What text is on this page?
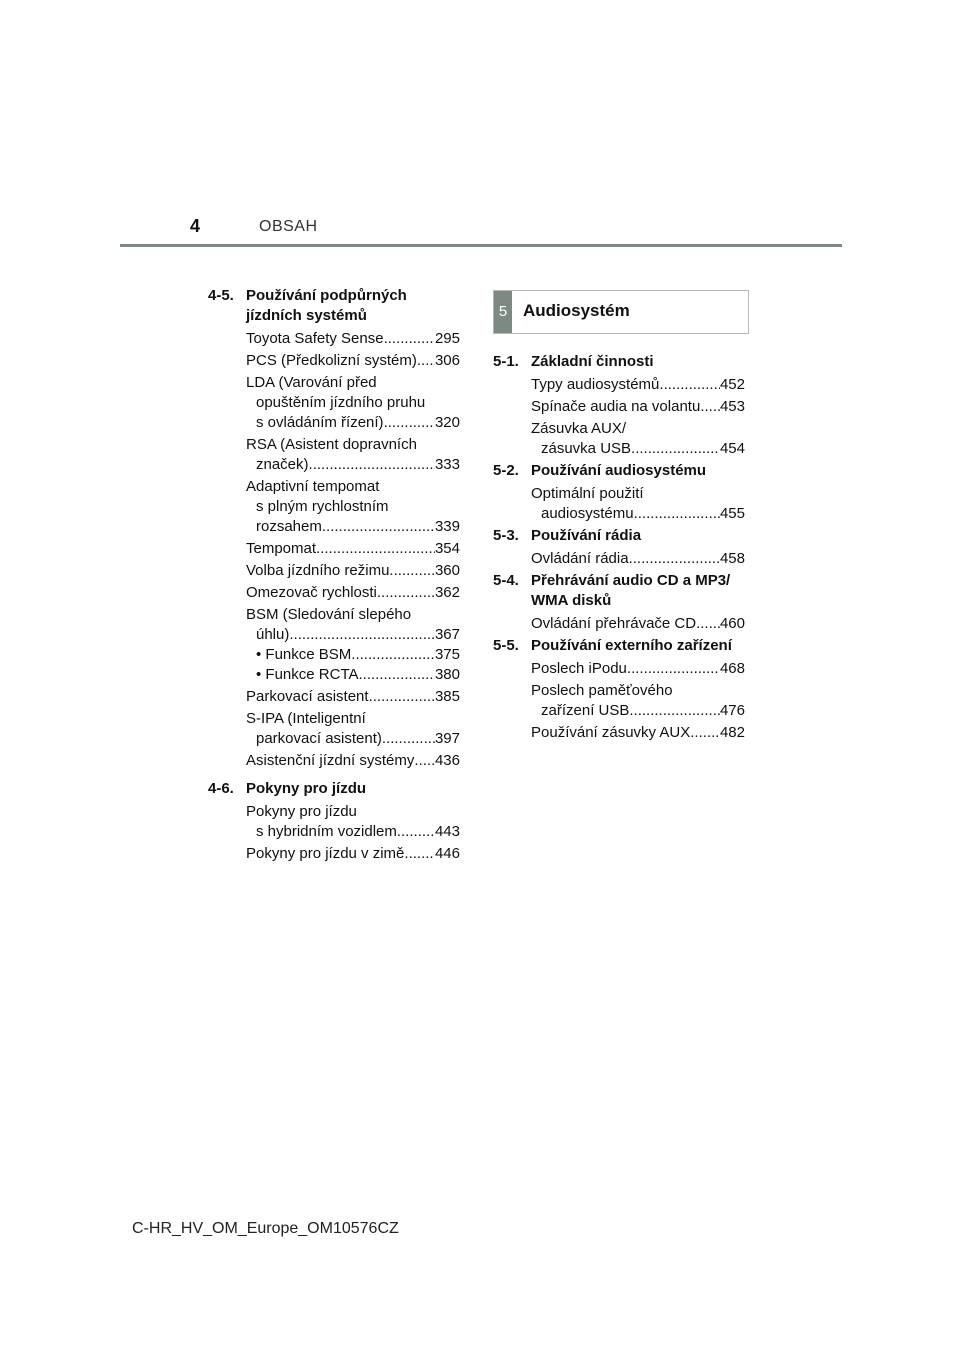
4	OBSAH
4-5. Používání podpůrných
jízdních systémů
Toyota Safety Sense .....	295
PCS (Předkolizní systém) ..... 306
LDA (Varování před
opuštěním jízdního pruhu
s ovládáním řízení) .....	320
RSA (Asistent dopravních
značek) .....	333
Adaptivní tempomat
s plným rychlostním
rozsahem .....	339
Tempomat .....	354
Volba jízdního režimu .....	360
Omezovač rychlosti .....	362
BSM (Sledování slepého
úhlu) .....	367
• Funkce BSM .....	375
• Funkce RCTA .....	380
Parkovací asistent .....	385
S-IPA (Inteligentní
parkovací asistent) .....	397
Asistenční jízdní systémy ..... 436
4-6. Pokyny pro jízdu
Pokyny pro jízdu
s hybridním vozidlem .....	443
Pokyny pro jízdu v zimě ..... 446
5 Audiosystém
5-1. Základní činnosti
Typy audiosystémů .....	452
Spínače audia na volantu ..... 453
Zásuvka AUX/
zásuvka USB .....	454
5-2. Používání audiosystému
Optimální použití
audiosystému .....	455
5-3. Používání rádia
Ovládání rádia .....	458
5-4. Přehrávání audio CD a MP3/
WMA disků
Ovládání přehrávače CD ..... 460
5-5. Používání externího zařízení
Poslech iPodu .....	468
Poslech paměťového
zařízení USB .....	476
Používání zásuvky AUX ..... 482
C-HR_HV_OM_Europe_OM10576CZ
